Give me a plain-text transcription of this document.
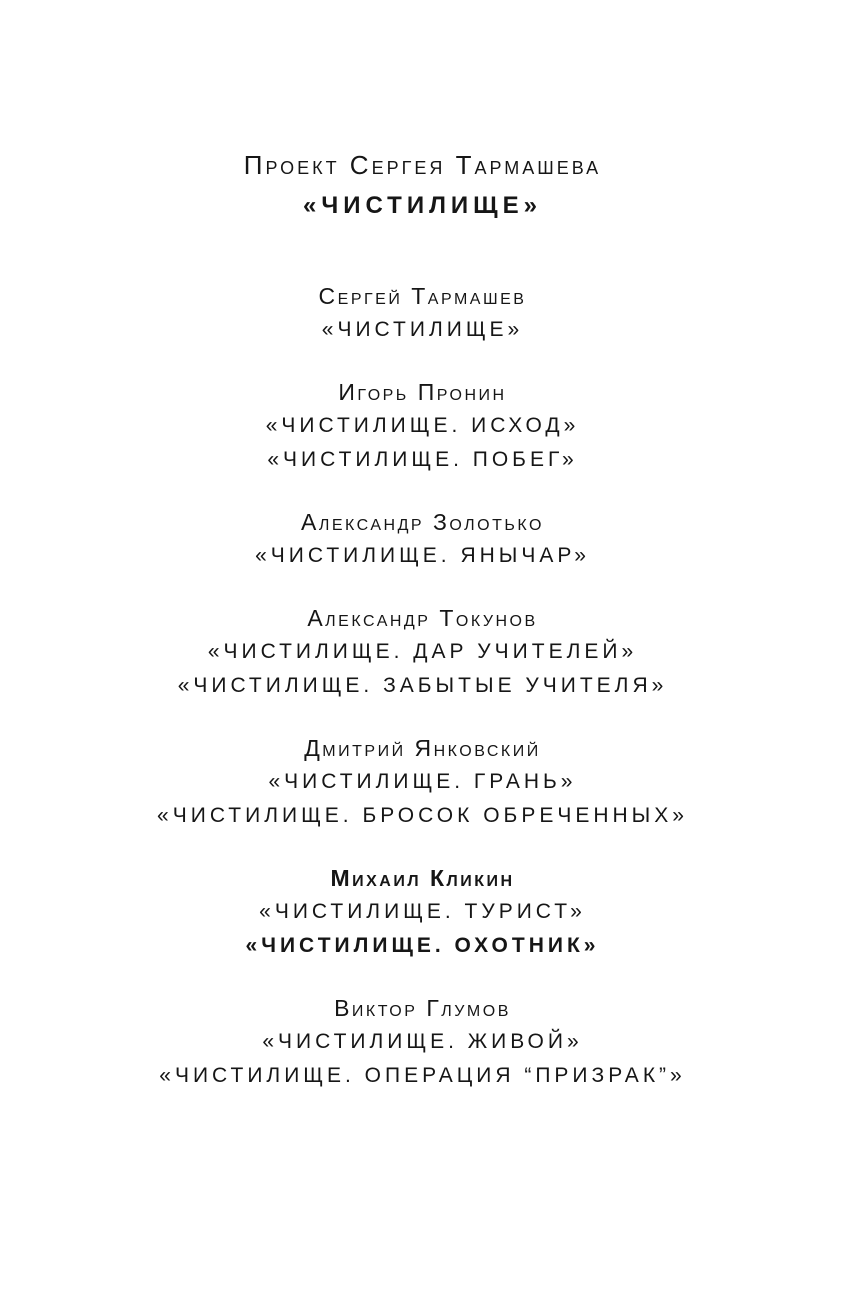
Проект Сергея Тармашева
«ЧИСТИЛИЩЕ»
Сергей Тармашев
«ЧИСТИЛИЩЕ»
Игорь Пронин
«ЧИСТИЛИЩЕ. ИСХОД»
«ЧИСТИЛИЩЕ. ПОБЕГ»
Александр Золотько
«ЧИСТИЛИЩЕ. ЯНЫЧАР»
Александр Токунов
«ЧИСТИЛИЩЕ. ДАР УЧИТЕЛЕЙ»
«ЧИСТИЛИЩЕ. ЗАБЫТЫЕ УЧИТЕЛЯ»
Дмитрий Янковский
«ЧИСТИЛИЩЕ. ГРАНЬ»
«ЧИСТИЛИЩЕ. БРОСОК ОБРЕЧЕННЫХ»
Михаил Кликин
«ЧИСТИЛИЩЕ. ТУРИСТ»
«ЧИСТИЛИЩЕ. ОХОТНИК»
Виктор Глумов
«ЧИСТИЛИЩЕ. ЖИВОЙ»
«ЧИСТИЛИЩЕ. ОПЕРАЦИЯ “ПРИЗРАК”»
